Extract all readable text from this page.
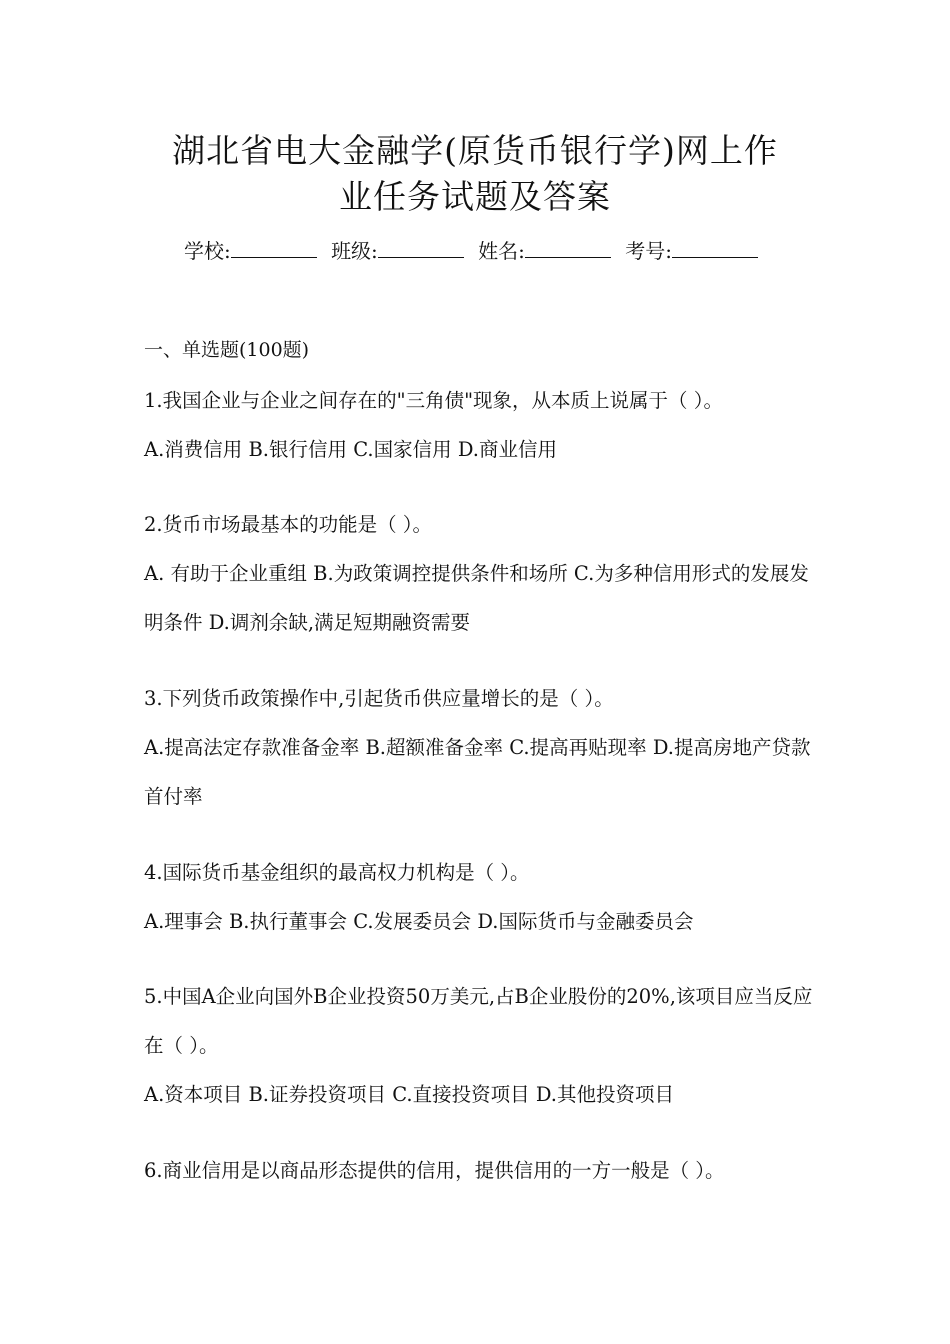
湖北省电大金融学(原货币银行学)网上作
业任务试题及答案
学校:	班级:	姓名:	考号:
一、单选题(100题)
1.我国企业与企业之间存在的"三角债"现象，从本质上说属于（ ）。
A.消费信用 B.银行信用 C.国家信用 D.商业信用
2.货币市场最基本的功能是（ ）。
A. 有助于企业重组 B.为政策调控提供条件和场所 C.为多种信用形式的发展发明条件 D.调剂余缺,满足短期融资需要
3.下列货币政策操作中,引起货币供应量增长的是（ ）。
A.提高法定存款准备金率 B.超额准备金率 C.提高再贴现率 D.提高房地产贷款首付率
4.国际货币基金组织的最高权力机构是（ ）。
A.理事会 B.执行董事会 C.发展委员会 D.国际货币与金融委员会
5.中国A企业向国外B企业投资50万美元,占B企业股份的20%,该项目应当反应在（ ）。
A.资本项目 B.证券投资项目 C.直接投资项目 D.其他投资项目
6.商业信用是以商品形态提供的信用，提供信用的一方一般是（ ）。
